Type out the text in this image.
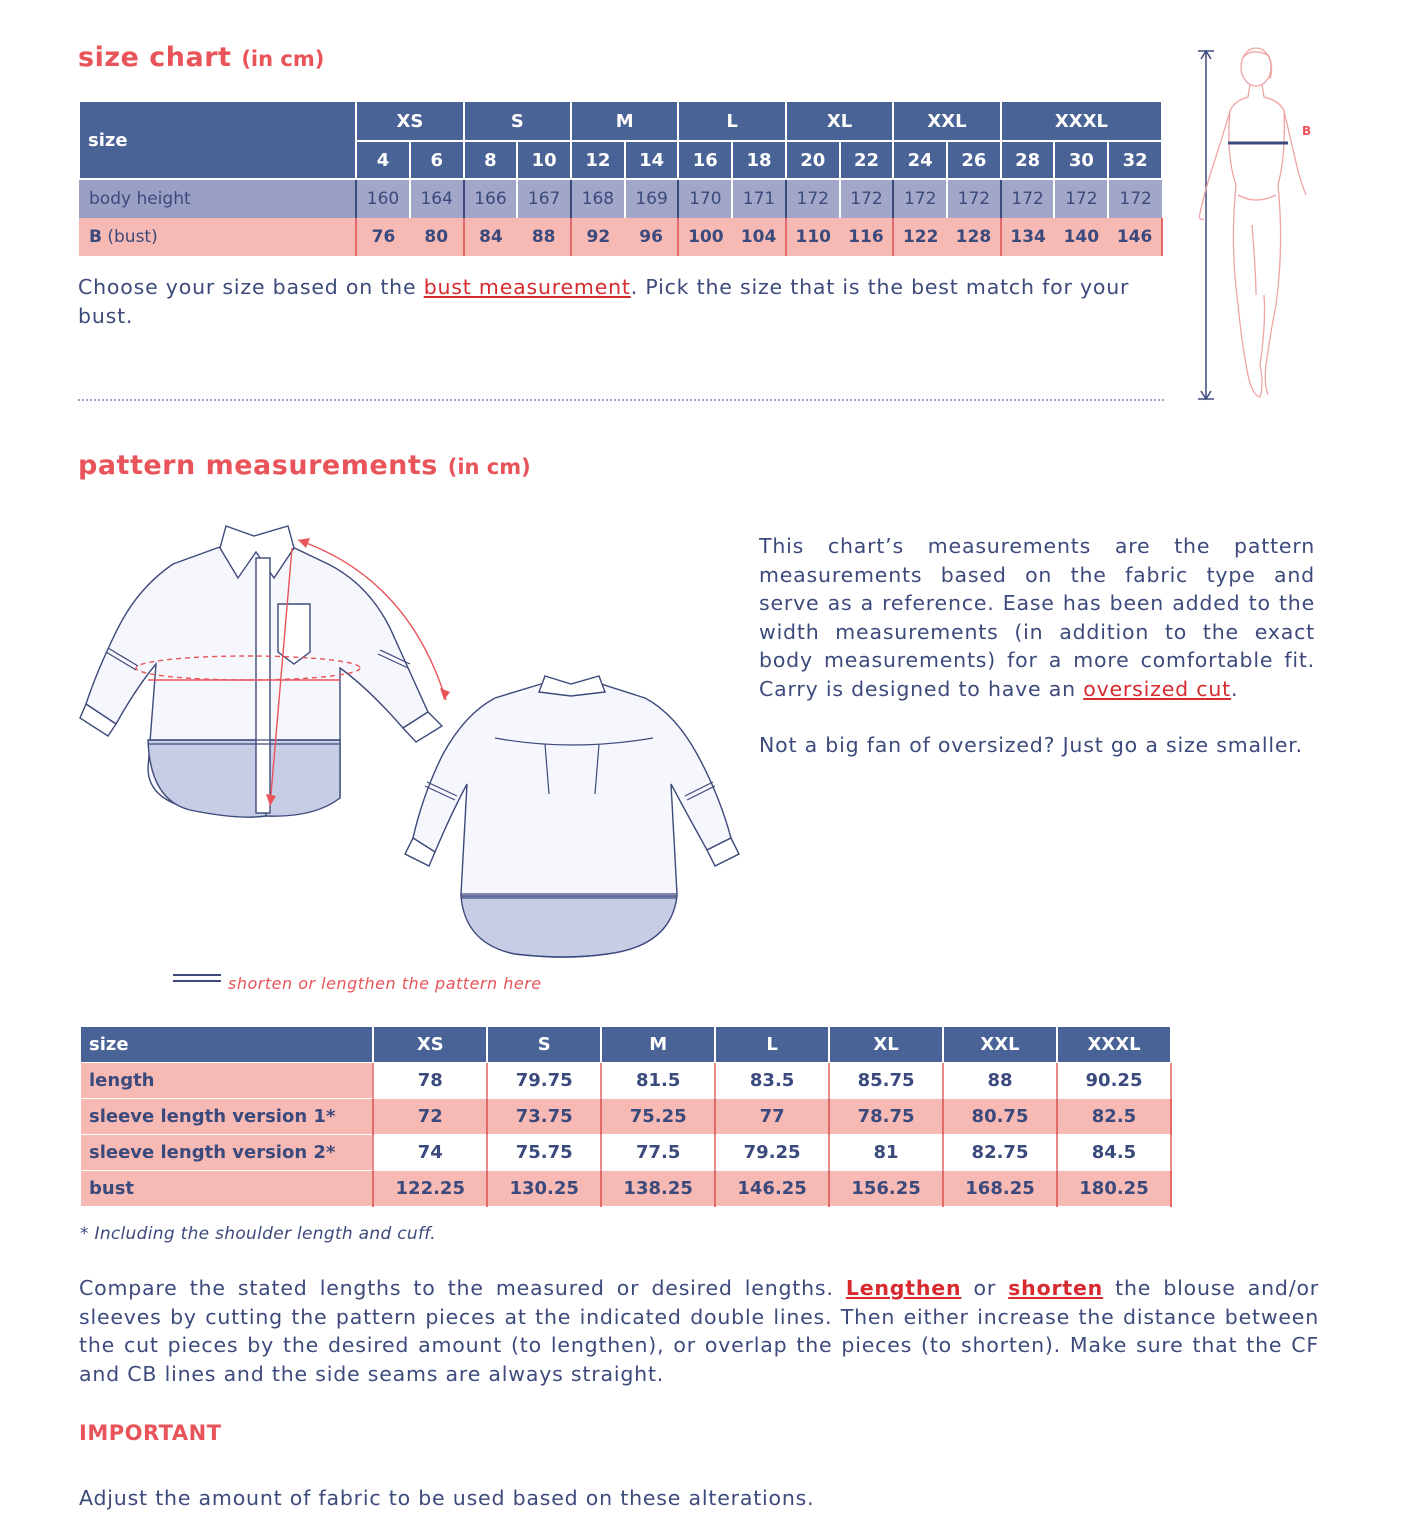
size chart (in cm)
size	XS		S		M		L		XL		XXL		XXXL		
	4	6	8	10	12	14	16	18	20	22	24	26	28	30	32
body height	160	164	166	167	168	169	170	171	172	172	172	172	172	172	172
B (bust)	76	80	84	88	92	96	100	104	110	116	122	128	134	140	146
Choose your size based on the bust measurement. Pick the size that is the best match for your bust.
B
pattern measurements (in cm)
shorten or lengthen the pattern here
This chart’s measurements are the pattern measurements based on the fabric type and serve as a reference. Ease has been added to the width measurements (in addition to the exact body measurements) for a more comfortable fit. Carry is designed to have an oversized cut.
Not a big fan of oversized? Just go a size smaller.
size	XS	S	M	L	XL	XXL	XXXL
length	78	79.75	81.5	83.5	85.75	88	90.25
sleeve length version 1*	72	73.75	75.25	77	78.75	80.75	82.5
sleeve length version 2*	74	75.75	77.5	79.25	81	82.75	84.5
bust	122.25	130.25	138.25	146.25	156.25	168.25	180.25
* Including the shoulder length and cuff.
Compare the stated lengths to the measured or desired lengths. Lengthen or shorten the blouse and/or sleeves by cutting the pattern pieces at the indicated double lines. Then either increase the distance between the cut pieces by the desired amount (to lengthen), or overlap the pieces (to shorten). Make sure that the CF and CB lines and the side seams are always straight.
IMPORTANT
Adjust the amount of fabric to be used based on these alterations.
